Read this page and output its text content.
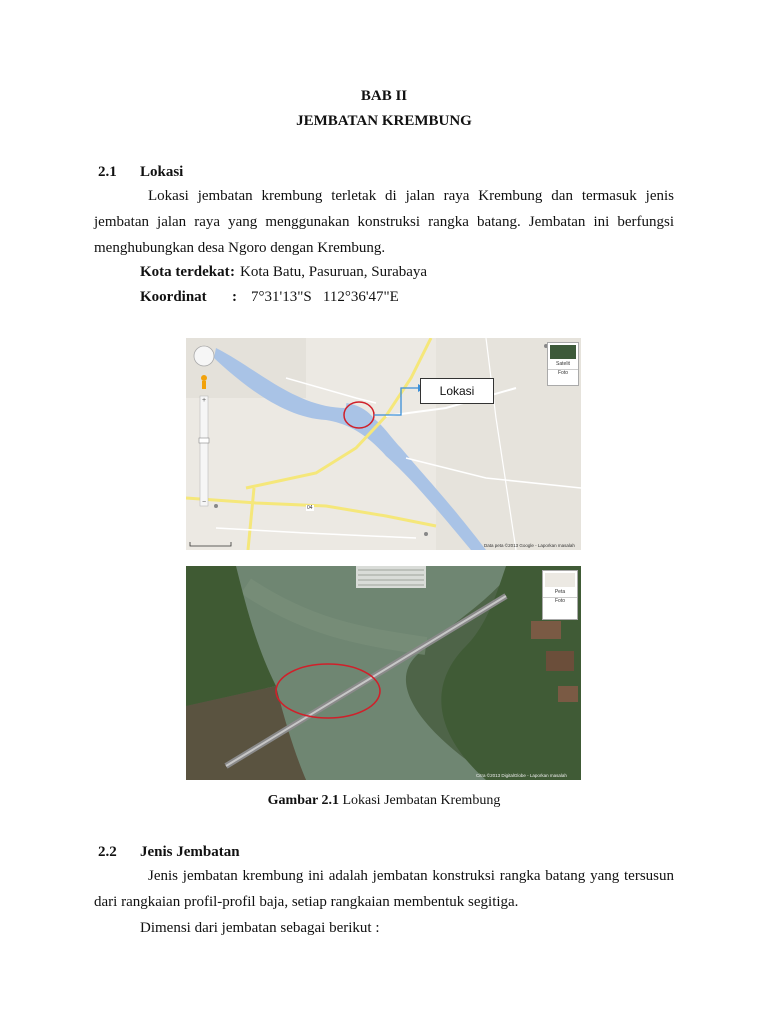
BAB II
JEMBATAN KREMBUNG
2.1 Lokasi
Lokasi jembatan krembung terletak di jalan raya Krembung dan termasuk jenis jembatan jalan raya yang menggunakan konstruksi rangka batang. Jembatan ini berfungsi menghubungkan desa Ngoro dengan Krembung.
Kota terdekat : Kota Batu, Pasuruan, Surabaya
Koordinat : 7°31'13"S   112°36'47"E
+
−
Satelit
Foto
Data peta ©2013 Google - Laporkan masalah
04
Lokasi
Peta
Foto
Citra ©2013 DigitalGlobe - Laporkan masalah
Gambar 2.1 Lokasi Jembatan Krembung
2.2 Jenis Jembatan
Jenis jembatan krembung ini adalah jembatan konstruksi rangka batang yang tersusun dari rangkaian profil-profil baja, setiap rangkaian membentuk segitiga.
Dimensi dari jembatan sebagai berikut :
